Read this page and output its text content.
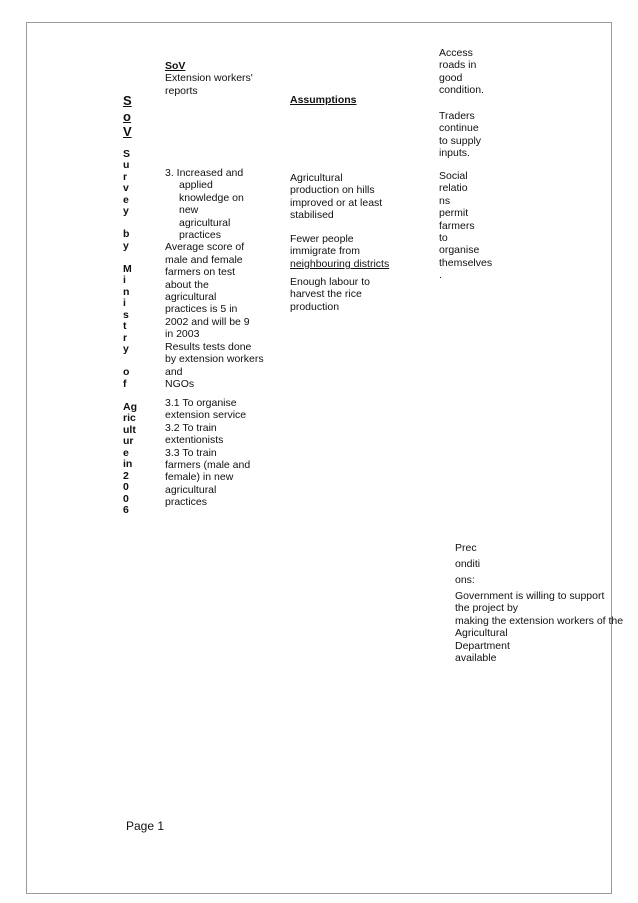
S
o
V
S
u
r
v
e
y

b
y

M
i
n
i
s
t
r
y

o
f

Ag
ric
ult
ur
e
in
2
0
0
6
SoV
Extension workers'
reports
3. Increased and
applied
knowledge on
new
agricultural
practices
Average score of
male and female
farmers on test
about the
agricultural
practices is 5 in
2002 and will be 9
in 2003
Results tests done
by extension workers
and
NGOs
3.1 To organise
extension service
3.2 To train
extentionists
3.3 To train
farmers (male and
female) in new
agricultural
practices
Assumptions
Agricultural
production on hills
improved or at least
stabilised
Fewer people
immigrate from
neighbouring districts
Enough labour to
harvest the rice
production
Access
roads in
good
condition.
Traders
continue
to supply
inputs.
Social
relatio
ns
permit
farmers
to
organise
themselves
.
Prec
onditi
ons:
Government is willing to support
the project by
making the extension workers of the
Agricultural
Department
available
Page 1
